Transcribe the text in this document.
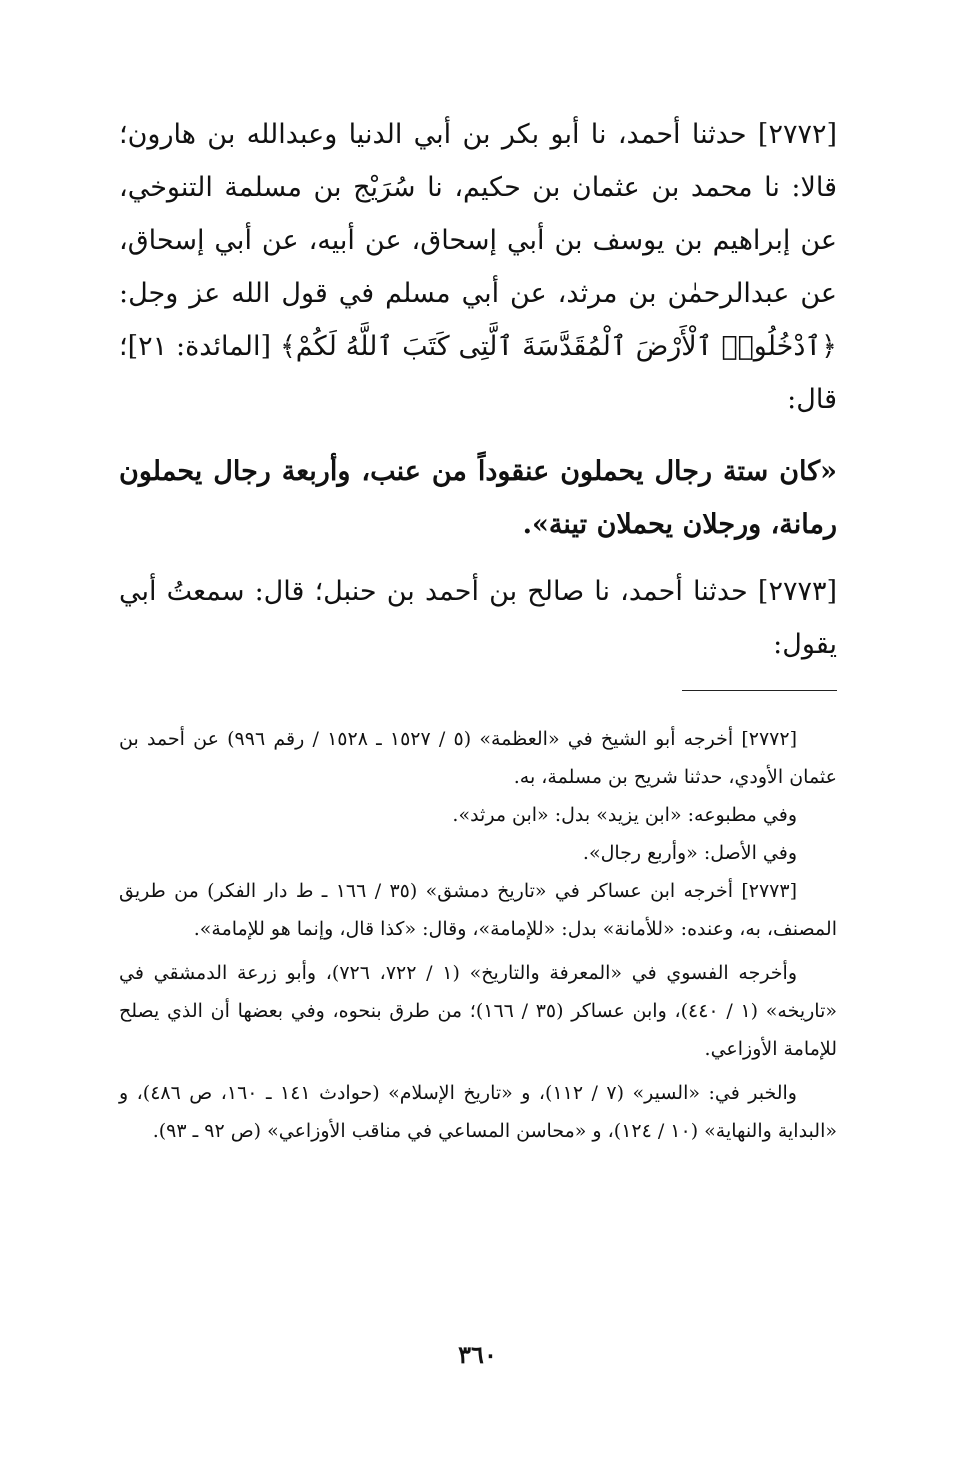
[٢٧٧٢] حدثنا أحمد، نا أبو بكر بن أبي الدنيا وعبدالله بن هارون؛ قالا: نا محمد بن عثمان بن حكيم، نا سُرَيْج بن مسلمة التنوخي، عن إبراهيم بن يوسف بن أبي إسحاق، عن أبيه، عن أبي إسحاق، عن عبدالرحمٰن بن مرثد، عن أبي مسلم في قول الله عز وجل: ﴿ٱدْخُلُوا۟ ٱلْأَرْضَ ٱلْمُقَدَّسَةَ ٱلَّتِى كَتَبَ ٱللَّهُ لَكُمْ﴾ [المائدة: ٢١]؛ قال:

«كان ستة رجال يحملون عنقوداً من عنب، وأربعة رجال يحملون رمانة، ورجلان يحملان تينة».

[٢٧٧٣] حدثنا أحمد، نا صالح بن أحمد بن حنبل؛ قال: سمعتُ أبي يقول:

[٢٧٧٢] أخرجه أبو الشيخ في «العظمة» (٥ / ١٥٢٧ ـ ١٥٢٨ / رقم ٩٩٦) عن أحمد بن عثمان الأودي، حدثنا شريح بن مسلمة، به.

وفي مطبوعه: «ابن يزيد» بدل: «ابن مرثد».

وفي الأصل: «وأربع رجال».

[٢٧٧٣] أخرجه ابن عساكر في «تاريخ دمشق» (٣٥ / ١٦٦ ـ ط دار الفكر) من طريق المصنف، به، وعنده: «للأمانة» بدل: «للإمامة»، وقال: «كذا قال، وإنما هو للإمامة».

وأخرجه الفسوي في «المعرفة والتاريخ» (١ / ٧٢٢، ٧٢٦)، وأبو زرعة الدمشقي في «تاريخه» (١ / ٤٤٠)، وابن عساكر (٣٥ / ١٦٦)؛ من طرق بنحوه، وفي بعضها أن الذي يصلح للإمامة الأوزاعي.

والخبر في: «السير» (٧ / ١١٢)، و «تاريخ الإسلام» (حوادث ١٤١ ـ ١٦٠، ص ٤٨٦)، و «البداية والنهاية» (١٠ / ١٢٤)، و «محاسن المساعي في مناقب الأوزاعي» (ص ٩٢ ـ ٩٣).

٣٦٠
